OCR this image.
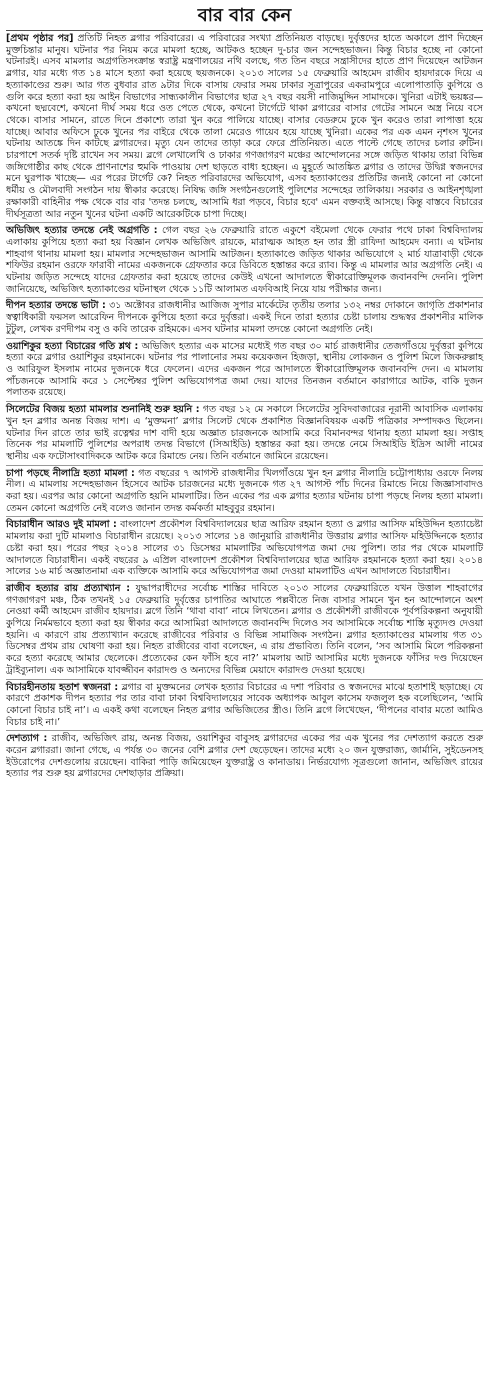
বার বার কেন

[প্রথম পৃষ্ঠার পর] প্রতিটি নিহত ব্লগার পরিবারের। এ পরিবারের সংখ্যা প্রতিনিয়ত বাড়ছে। দুর্বৃত্তদের হাতে অকালে প্রাণ দিচ্ছেন মুক্তচিন্তার মানুষ। ঘটনার পর নিয়ম করে মামলা হচ্ছে, আটকও হচ্ছেন দু-চার জন সন্দেহভাজন। কিন্তু বিচার হচ্ছে না কোনো ঘটনারই। এসব মামলার অগ্রগতিসংক্রান্ত স্বরাষ্ট্র মন্ত্রণালয়ের নথি বলছে, গত তিন বছরে সন্ত্রাসীদের হাতে প্রাণ দিয়েছেন আটজন ব্লগার, যার মধ্যে গত ১৪ মাসে হত্যা করা হয়েছে ছয়জনকে। ২০১৩ সালের ১৫ ফেব্রুয়ারি আহমেদ রাজীব হায়দারকে দিয়ে এ হত্যাকাণ্ডের শুরু। আর গত বুধবার রাত ৯টার দিকে বাসায় ফেরার সময় ঢাকার সূত্রাপুরের একরামপুরে এলোপাতাড়ি কুপিয়ে ও গুলি করে হত্যা করা হয় আইন বিভাগের সান্ধ্যকালীন বিভাগের ছাত্র ২৭ বছর বয়সী নাজিমুদ্দিন সামাদকে। খুনিরা এটাই ভয়ঙ্কর— কখনো ছদ্মবেশে, কখনো দীর্ঘ সময় ধরে ওত পেতে থেকে, কখনো টার্গেটে থাকা ব্লগারের বাসার গেটের সামনে অস্ত্র নিয়ে বসে থেকে। বাসার সামনে, রাতে দিনে প্রকাশ্যে তারা খুন করে পালিয়ে যাচ্ছে। বাসার বেডরুমে ঢুকে খুন করেও তারা লাপাত্তা হয়ে যাচ্ছে। আবার অফিসে ঢুকে খুনের পর বাইরে থেকে তালা মেরেও গায়েব হয়ে যাচ্ছে খুনিরা। একের পর এক এমন নৃশংস খুনের ঘটনায় আতঙ্কে দিন কাটছে ব্লগারদের। মৃত্যু যেন তাদের তাড়া করে ফেরে প্রতিনিয়ত। এতে পাল্টে গেছে তাদের চলার রুটিন। চারপাশে সতর্ক দৃষ্টি রাখেন সব সময়। ব্লগে লেখালেখি ও ঢাকার গণজাগরণ মঞ্চের আন্দোলনের সঙ্গে জড়িত থাকায় তারা বিভিন্ন জঙ্গিগোষ্ঠীর কাছ থেকে প্রাণনাশের হুমকি পাওয়ায় দেশ ছাড়তে বাধ্য হচ্ছেন। এ মুহূর্তে আতঙ্কিত ব্লগার ও তাদের উদ্বিগ্ন স্বজনদের মনে ঘুরপাক খাচ্ছে— এর পরের টার্গেট কে? নিহত পরিবারদের অভিযোগ, এসব হত্যাকাণ্ডের প্রতিটির জন্যই কোনো না কোনো ধর্মীয় ও মৌলবাদী সংগঠন দায় স্বীকার করেছে। নিষিদ্ধ জঙ্গি সংগঠনগুলোই পুলিশের সন্দেহের তালিকায়। সরকার ও আইনশৃঙ্খলা রক্ষাকারী বাহিনীর পক্ষ থেকে বার বার 'তদন্ত চলছে, আসামি ধরা পড়বে, বিচার হবে' এমন বক্তব্যই আসছে। কিন্তু বাস্তবে বিচারের দীর্ঘসূত্রতা আর নতুন খুনের ঘটনা একটি আরেকটিকে চাপা দিচ্ছে।

অভিজিৎ হত্যার তদন্তে নেই অগ্রগতি : গেল বছর ২৬ ফেব্রুয়ারি রাতে একুশে বইমেলা থেকে ফেরার পথে ঢাকা বিশ্ববিদ্যালয় এলাকায় কুপিয়ে হত্যা করা হয় বিজ্ঞান লেখক অভিজিৎ রায়কে, মারাত্মক আহত হন তার স্ত্রী রাফিদা আহমেদ বন্যা। এ ঘটনায় শাহবাগ থানায় মামলা হয়। মামলার সন্দেহভাজন আসামি আটজন। হত্যাকাণ্ডে জড়িত থাকার অভিযোগে ২ মার্চ যাত্রাবাড়ী থেকে শফিউর রহমান ওরফে ফারাবী নামের একজনকে গ্রেফতার করে ডিবিতে হস্তান্তর করে র‌্যাব। কিন্তু এ মামলার আর অগ্রগতি নেই। এ ঘটনায় জড়িত সন্দেহে যাদের গ্রেফতার করা হয়েছে তাদের কেউই এখনো আদালতে স্বীকারোক্তিমূলক জবানবন্দি দেননি। পুলিশ জানিয়েছে, অভিজিৎ হত্যাকাণ্ডের ঘটনাস্থল থেকে ১১টি আলামত এফবিআই নিয়ে যায় পরীক্ষার জন্য।

দীপন হত্যার তদন্তে ভাটা : ৩১ অক্টোবর রাজধানীর আজিজ সুপার মার্কেটের তৃতীয় তলার ১৩২ নম্বর দোকানে জাগৃতি প্রকাশনার স্বত্বাধিকারী ফয়সল আরেফিন দীপনকে কুপিয়ে হত্যা করে দুর্বৃত্তরা। একই দিনে তারা হত্যার চেষ্টা চালায় শুদ্ধস্বর প্রকাশনীর মালিক টুটুল, লেখক রণদীপম বসু ও কবি তারেক রহিমকে। এসব ঘটনার মামলা তদন্তে কোনো অগ্রগতি নেই।

ওয়াশিকুর হত্যা বিচারের গতি শ্লথ : অভিজিৎ হত্যার এক মাসের মধ্যেই গত বছর ৩০ মার্চ রাজধানীর তেজগাঁওয়ে দুর্বৃত্তরা কুপিয়ে হত্যা করে ব্লগার ওয়াশিকুর রহমানকে। ঘটনার পর পালানোর সময় কয়েকজন হিজড়া, স্থানীয় লোকজন ও পুলিশ মিলে জিকরুল্লাহ ও আরিফুল ইসলাম নামের দুজনকে ধরে ফেলেন। এদের একজন পরে আদালতে স্বীকারোক্তিমূলক জবানবন্দি দেন। এ মামলায় পাঁচজনকে আসামি করে ১ সেপ্টেম্বর পুলিশ অভিযোগপত্র জমা দেয়। যাদের তিনজন বর্তমানে কারাগারে আটক, বাকি দুজন পলাতক রয়েছে।

সিলেটের বিজয় হত্যা মামলার শুনানিই শুরু হয়নি : গত বছর ১২ মে সকালে সিলেটের সুবিদবাজারের নূরানী আবাসিক এলাকায় খুন হন ব্লগার অনন্ত বিজয় দাশ। এ ‘মুক্তমনা’ ব্লগার সিলেট থেকে প্রকাশিত বিজ্ঞানবিষয়ক একটি পত্রিকার সম্পাদকও ছিলেন। ঘটনার দিন রাতে তার ভাই রত্নেশ্বর দাশ বাদী হয়ে অজ্ঞাত চারজনকে আসামি করে বিমানবন্দর থানায় হত্যা মামলা হয়। সপ্তাহ তিনেক পর মামলাটি পুলিশের অপরাধ তদন্ত বিভাগে (সিআইডি) হস্তান্তর করা হয়। তদন্তে নেমে সিআইডি ইদ্রিস আলী নামের স্থানীয় এক ফটোসাংবাদিককে আটক করে রিমান্ডে নেয়। তিনি বর্তমানে জামিনে রয়েছেন।

চাপা পড়ছে নীলাদ্রি হত্যা মামলা : গত বছরের ৭ আগস্ট রাজধানীর খিলগাঁওয়ে খুন হন ব্লগার নীলাদ্রি চট্টোপাধ্যায় ওরফে নিলয় নীল। এ মামলায় সন্দেহভাজন হিসেবে আটক চারজনের মধ্যে দুজনকে গত ২৭ আগস্ট পাঁচ দিনের রিমান্ডে নিয়ে জিজ্ঞাসাবাদও করা হয়। এরপর আর কোনো অগ্রগতি হয়নি মামলাটির। তিন একের পর এক ব্লগার হত্যার ঘটনায় চাপা পড়ছে নিলয় হত্যা মামলা। তেমন কোনো অগ্রগতি নেই বলেও জানান তদন্ত কর্মকর্তা মাহবুবুর রহমান।

বিচারাধীন আরও দুই মামলা : বাংলাদেশ প্রকৌশল বিশ্ববিদ্যালয়ের ছাত্র আরিফ রহমান হত্যা ও ব্লগার আসিফ মহিউদ্দিন হত্যাচেষ্টা মামলায় করা দুটি মামলাও বিচারাধীন রয়েছে। ২০১৩ সালের ১৪ জানুয়ারি রাজধানীর উত্তরায় ব্লগার আসিফ মহিউদ্দিনকে হত্যার চেষ্টা করা হয়। পরের পছর ২০১৪ সালের ৩১ ডিসেম্বর মামলাটির অভিযোগপত্র জমা দেয় পুলিশ। তার পর থেকে মামলাটি আদালতে বিচারাধীন। একই বছরের ৯ এপ্রিল বাংলাদেশ প্রকৌশল বিশ্ববিদ্যালয়ের ছাত্র আরিফ রহমানকে হত্যা করা হয়। ২০১৪ সালের ১৬ মার্চ অজ্ঞাতনামা এক ব্যক্তিকে আসামি করে অভিযোগপত্র জমা দেওয়া মামলাটিও এখন আদালতে বিচারাধীন।

রাজীব হত্যার রায় প্রত্যাখ্যান : যুদ্ধাপরাধীদের সর্বোচ্চ শাস্তির দাবিতে ২০১৩ সালের ফেব্রুয়ারিতে যখন উত্তাল শাহবাগের গণজাগরণ মঞ্চ, ঠিক তখনই ১৫ ফেব্রুয়ারি দুর্বৃত্তের চাপাতির আঘাতে পল্লবীতে নিজ বাসার সামনে খুন হন আন্দোলনে অংশ নেওয়া কর্মী আহমেদ রাজীব হায়দার। ব্লগে তিনি ‘থাবা বাবা’ নামে লিখতেন। ব্লগার ও প্রকৌশলী রাজীবকে পূর্বপরিকল্পনা অনুযায়ী কুপিয়ে নির্মমভাবে হত্যা করা হয় স্বীকার করে আসামিরা আদালতে জবানবন্দি দিলেও সব আসামিকে সর্বোচ্চ শাস্তি মৃত্যুদণ্ড দেওয়া হয়নি। এ কারণে রায় প্রত্যাখ্যান করেছে রাজীবের পরিবার ও বিভিন্ন সামাজিক সংগঠন। ব্লগার হত্যাকাণ্ডের মামলায় গত ৩১ ডিসেম্বর প্রথম রায় ঘোষণা করা হয়। নিহত রাজীবের বাবা বলেছেন, এ রায় প্রভাবিত। তিনি বলেন, ‘সব আসামি মিলে পরিকল্পনা করে হত্যা করেছে আমার ছেলেকে। প্রত্যেকের কেন ফাঁসি হবে না?’ মামলায় আট আসামির মধ্যে দুজনকে ফাঁসির দণ্ড দিয়েছেন ট্রাইব্যুনাল। এক আসামিকে যাবজ্জীবন কারাদণ্ড ও অন্যদের বিভিন্ন মেয়াদে কারাদণ্ড দেওয়া হয়েছে।

বিচারহীনতায় হতাশ স্বজনরা : ব্লগার বা মুক্তমনের লেখক হত্যার বিচারের এ দশা পরিবার ও স্বজনদের মাঝে হতাশাই ছড়াচ্ছে। যে কারণে প্রকাশক দীপন হত্যার পর তার বাবা ঢাকা বিশ্ববিদ্যালয়ের সাবেক অধ্যাপক আবুল কাসেম ফজলুল হক বলেছিলেন, ‘আমি কোনো বিচার চাই না’। এ একই কথা বলেছেন নিহত ব্লগার অভিজিতের স্ত্রীও। তিনি ব্লগে লিখেছেন, ‘দীপনের বাবার মতো আমিও বিচার চাই না।’

দেশত্যাগ : রাজীব, অভিজিৎ রায়, অনন্ত বিজয়, ওয়াশিকুর বাবুসহ ব্লগারদের একের পর এক খুনের পর দেশত্যাগ করতে শুরু করেন ব্লগাররা। জানা গেছে, এ পর্যন্ত ৩০ জনের বেশি ব্লগার দেশ ছেড়েছেন। তাদের মধ্যে ২০ জন যুক্তরাজ্য, জার্মানি, সুইডেনসহ ইউরোপের দেশগুলোয় রয়েছেন। বাকিরা পাড়ি জমিয়েছেন যুক্তরাষ্ট্র ও কানাডায়। নির্ভরযোগ্য সূত্রগুলো জানান, অভিজিৎ রায়ের হত্যার পর শুরু হয় ব্লগারদের দেশছাড়ার প্রক্রিয়া।
